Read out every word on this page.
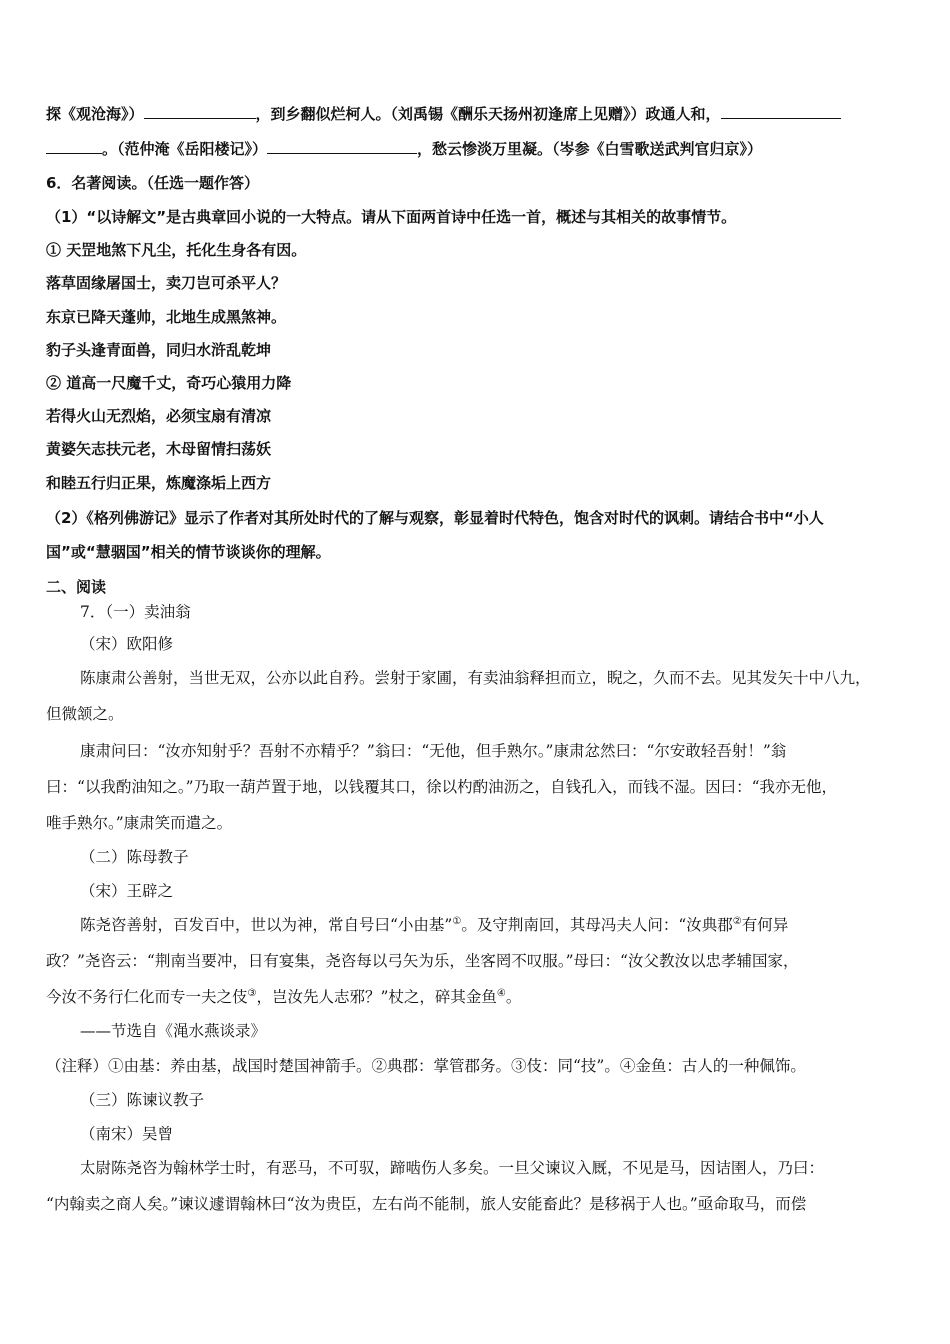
探《观沧海》）	，到乡翻似烂柯人。（刘禹锡《酬乐天扬州初逢席上见赠》）政通人和，
。（范仲淹《岳阳楼记》）	，愁云惨淡万里凝。（岑参《白雪歌送武判官归京》）
6．名著阅读。（任选一题作答）
（1）“以诗解文”是古典章回小说的一大特点。请从下面两首诗中任选一首，概述与其相关的故事情节。
① 天罡地煞下凡尘，托化生身各有因。
落草固缘屠国士，卖刀岂可杀平人？
东京已降天蓬帅，北地生成黑煞神。
豹子头逢青面兽，同归水浒乱乾坤
② 道高一尺魔千丈，奇巧心猿用力降
若得火山无烈焰，必须宝扇有清凉
黄婆矢志扶元老，木母留情扫荡妖
和睦五行归正果，炼魔涤垢上西方
（2）《格列佛游记》显示了作者对其所处时代的了解与观察，彰显着时代特色，饱含对时代的讽刺。请结合书中“小人
国”或“慧骃国”相关的情节谈谈你的理解。
二、阅读
7．（一）卖油翁
（宋）欧阳修
陈康肃公善射，当世无双，公亦以此自矜。尝射于家圃，有卖油翁释担而立，睨之，久而不去。见其发矢十中八九，
但微颔之。
康肃问曰：“汝亦知射乎？吾射不亦精乎？”翁曰：“无他，但手熟尔。”康肃忿然曰：“尔安敢轻吾射！”翁
曰：“以我酌油知之。”乃取一葫芦置于地，以钱覆其口，徐以杓酌油沥之，自钱孔入，而钱不湿。因曰：“我亦无他，
唯手熟尔。”康肃笑而遣之。
（二）陈母教子
（宋）王辟之
陈尧咨善射，百发百中，世以为神，常自号曰“小由基”①。及守荆南回，其母冯夫人问：“汝典郡②有何异
政？”尧咨云：“荆南当要冲，日有宴集，尧咨每以弓矢为乐，坐客罔不叹服。”母曰：“汝父教汝以忠孝辅国家，
今汝不务行仁化而专一夫之伎③，岂汝先人志邪？”杖之，碎其金鱼④。
——节选自《渑水燕谈录》
（注释）①由基：养由基，战国时楚国神箭手。②典郡：掌管郡务。③伎：同“技”。④金鱼：古人的一种佩饰。
（三）陈谏议教子
（南宋）吴曾
太尉陈尧咨为翰林学士时，有恶马，不可驭，蹄啮伤人多矣。一旦父谏议入厩，不见是马，因诘圉人，乃曰：
“内翰卖之商人矣。”谏议遽谓翰林曰“汝为贵臣，左右尚不能制，旅人安能畜此？是移祸于人也。”亟命取马，而偿
